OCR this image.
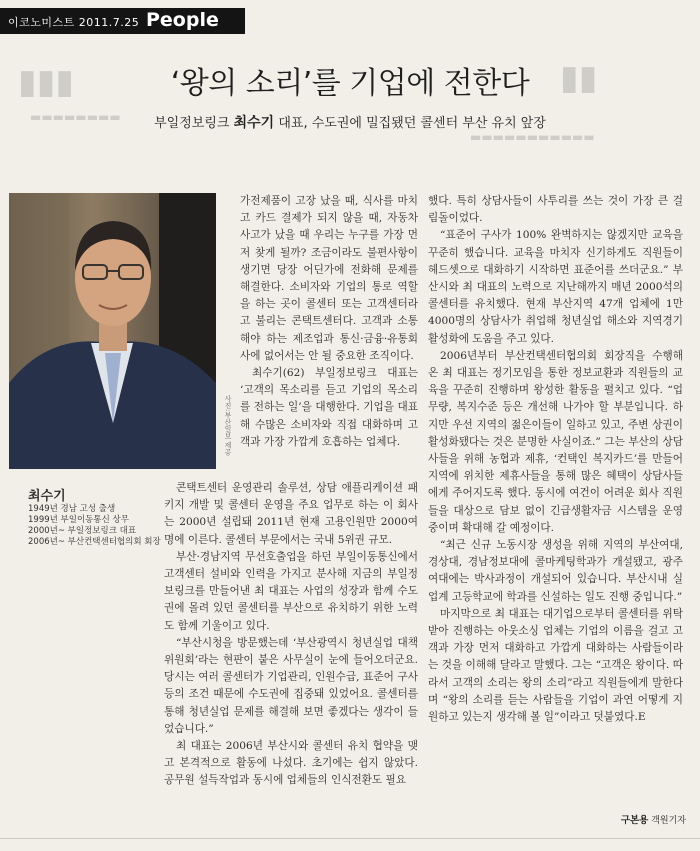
이코노미스트 2011.7.25 People
▮▮▮	▮▮
▬▬▬▬▬▬▬▬
▬▬▬▬▬▬▬▬▬▬▬
‘왕의 소리’를 기업에 전한다
부일정보링크 최수기 대표, 수도권에 밀집됐던 콜센터 부산 유치 앞장
사진:부산일보 제공
최수기
1949년 경남 고성 출생
1999년 부일이동통신 상무
2000년~ 부일정보링크 대표
2006년~ 부산컨택센터협의회 회장

가전제품이 고장 났을 때, 식사를 마치고 카드 결제가 되지 않을 때, 자동차 사고가 났을 때 우리는 누구를 가장 먼저 찾게 될까? 조금이라도 불편사항이 생기면 당장 어딘가에 전화해 문제를 해결한다. 소비자와 기업의 통로 역할을 하는 곳이 콜센터 또는 고객센터라고 불리는 콘택트센터다. 고객과 소통해야 하는 제조업과 통신·금융·유통회사에 없어서는 안 될 중요한 조직이다.

최수기(62) 부일정보링크 대표는 ‘고객의 목소리를 듣고 기업의 목소리를 전하는 일’을 대행한다. 기업을 대표해 수많은 소비자와 직접 대화하며 고객과 가장 가깝게 호흡하는 업체다.

콘택트센터 운영관리 솔루션, 상담 애플리케이션 패키지 개발 및 콜센터 운영을 주요 업무로 하는 이 회사는 2000년 설립돼 2011년 현재 고용인원만 2000여 명에 이른다. 콜센터 부문에서는 국내 5위권 규모.

부산·경남지역 무선호출업을 하던 부일이동통신에서 고객센터 설비와 인력을 가지고 분사해 지금의 부일정보링크를 만들어낸 최 대표는 사업의 성장과 함께 수도권에 몰려 있던 콜센터를 부산으로 유치하기 위한 노력도 함께 기울이고 있다.

“부산시청을 방문했는데 ‘부산광역시 청년실업 대책위원회’라는 현판이 붙은 사무실이 눈에 들어오더군요. 당시는 여러 콜센터가 기업관리, 인원수급, 표준어 구사 등의 조건 때문에 수도권에 집중돼 있었어요. 콜센터를 통해 청년실업 문제를 해결해 보면 좋겠다는 생각이 들었습니다.”

최 대표는 2006년 부산시와 콜센터 유치 협약을 맺고 본격적으로 활동에 나섰다. 초기에는 쉽지 않았다. 공무원 설득작업과 동시에 업체들의 인식전환도 필요

했다. 특히 상담사들이 사투리를 쓰는 것이 가장 큰 걸림돌이었다.

“표준어 구사가 100% 완벽하지는 않겠지만 교육을 꾸준히 했습니다. 교육을 마치자 신기하게도 직원들이 헤드셋으로 대화하기 시작하면 표준어를 쓰더군요.” 부산시와 최 대표의 노력으로 지난해까지 매년 2000석의 콜센터를 유치했다. 현재 부산지역 47개 업체에 1만4000명의 상담사가 취업해 청년실업 해소와 지역경기 활성화에 도움을 주고 있다.

2006년부터 부산컨택센터협의회 회장직을 수행해 온 최 대표는 정기모임을 통한 정보교환과 직원들의 교육을 꾸준히 진행하며 왕성한 활동을 펼치고 있다. “업무량, 복지수준 등은 개선해 나가야 할 부분입니다. 하지만 우선 지역의 젊은이들이 일하고 있고, 주변 상권이 활성화됐다는 것은 분명한 사실이죠.” 그는 부산의 상담사들을 위해 농협과 제휴, ‘컨택인 복지카드’를 만들어 지역에 위치한 제휴사들을 통해 많은 혜택이 상담사들에게 주어지도록 했다. 동시에 여건이 어려운 회사 직원들을 대상으로 담보 없이 긴급생활자금 시스템을 운영 중이며 확대해 갈 예정이다.

“최근 신규 노동시장 생성을 위해 지역의 부산여대, 경상대, 경남정보대에 콜마케팅학과가 개설됐고, 광주여대에는 박사과정이 개설되어 있습니다. 부산시내 실업계 고등학교에 학과를 신설하는 일도 진행 중입니다.”

마지막으로 최 대표는 대기업으로부터 콜센터를 위탁 받아 진행하는 아웃소싱 업체는 기업의 이름을 걸고 고객과 가장 먼저 대화하고 가깝게 대화하는 사람들이라는 것을 이해해 달라고 말했다. 그는 “고객은 왕이다. 따라서 고객의 소리는 왕의 소리”라고 직원들에게 말한다며 “왕의 소리를 듣는 사람들을 기업이 과연 어떻게 지원하고 있는지 생각해 볼 일”이라고 덧붙였다.E

구본용 객원기자
